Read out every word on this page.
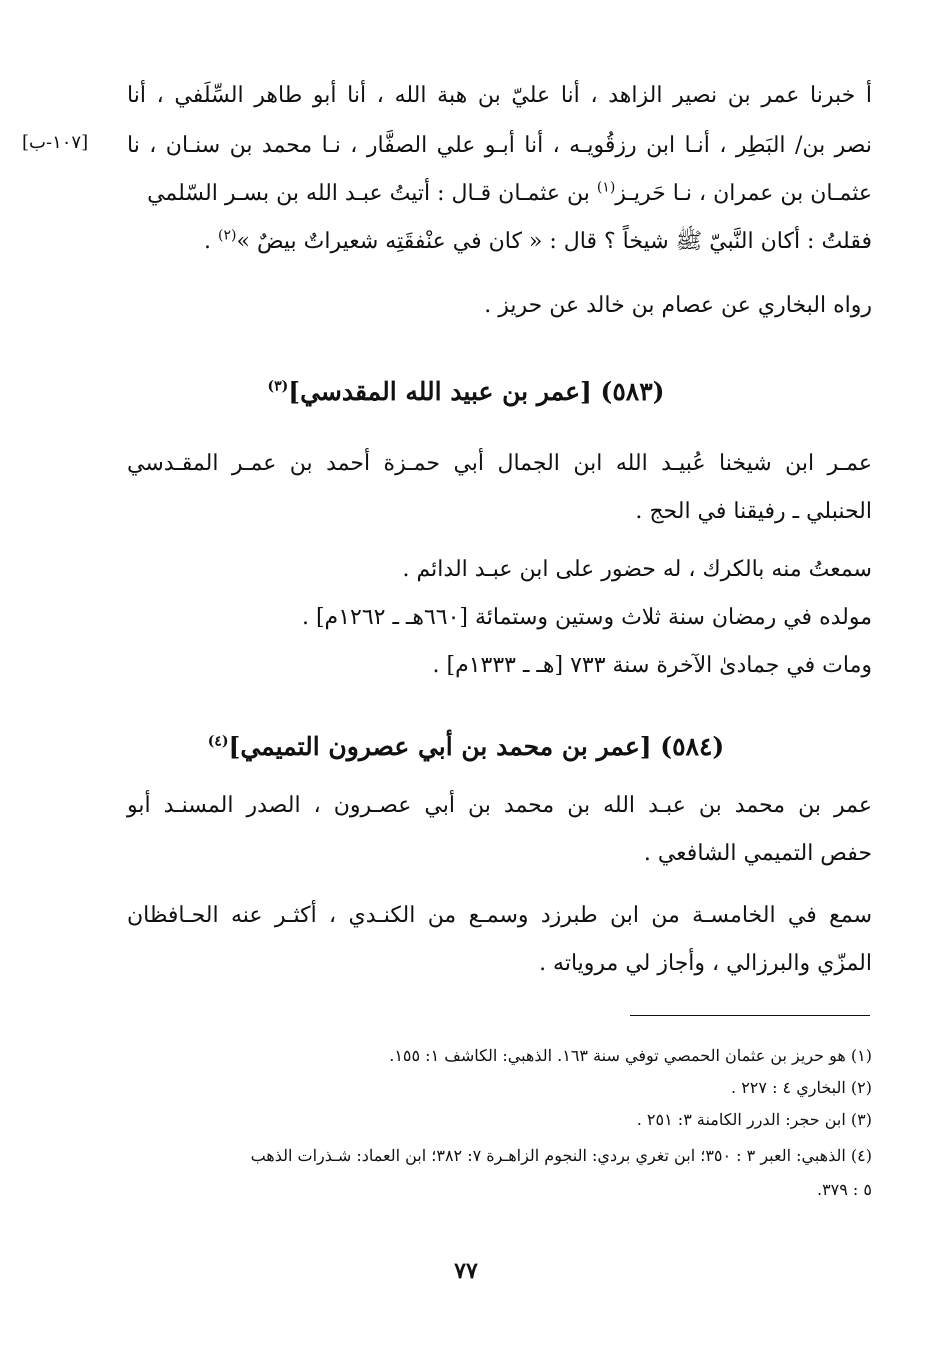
أ خبرنا عمر بن نصير الزاهد ، أنا عليّ بن هبة الله ، أنا أبو طاهر السِّلَفي ، أنا
نصر بن/ البَطِر ، أنـا ابن رزقُويـه ، أنا أبـو علي الصفَّار ، نـا محمد بن سنـان ، نا
[١٠٧-ب]
عثمـان بن عمران ، نـا حَريـز$^{(١)}$ بن عثمـان قـال : أتيتُ عبـد الله بن بسـر السّلمي
فقلتُ : أكان النَّبيّ ﷺ شيخاً ؟ قال : « كان في عنْفقَتِه شعيراتٌ بيضٌ »$^{(٢)}$ .
رواه البخاري عن عصام بن خالد عن حريز .
(٥٨٣) [عمر بن عبيد الله المقدسي]$^{(٣)}$
عمـر ابن شيخنا عُبيـد الله ابن الجمال أبي حمـزة أحمد بن عمـر المقـدسي
الحنبلي ـ رفيقنا في الحج .
سمعتُ منه بالكرك ، له حضور على ابن عبـد الدائم .
مولده في رمضان سنة ثلاث وستين وستمائة [٦٦٠هـ ـ ١٢٦٢م] .
ومات في جمادىٰ الآخرة سنة ٧٣٣ [هـ ـ ١٣٣٣م] .
(٥٨٤) [عمر بن محمد بن أبي عصرون التميمي]$^{(٤)}$
عمر بن محمد بن عبـد الله بن محمد بن أبي عصـرون ، الصدر المسنـد أبو
حفص التميمي الشافعي .
سمع في الخامسـة من ابن طبرزد وسمـع من الكنـدي ، أكثـر عنه الحـافظان
المزّي والبرزالي ، وأجاز لي مروياته .
(١) هو حريز بن عثمان الحمصي توفي سنة ١٦٣. الذهبي: الكاشف ١: ١٥٥.
(٢) البخاري ٤ : ٢٢٧ .
(٣) ابن حجر: الدرر الكامنة ٣: ٢٥١ .
(٤) الذهبي: العبر ٣ : ٣٥٠؛ ابن تغري بردي: النجوم الزاهـرة ٧: ٣٨٢؛ ابن العماد: شـذرات الذهب
٥ : ٣٧٩.
٧٧
